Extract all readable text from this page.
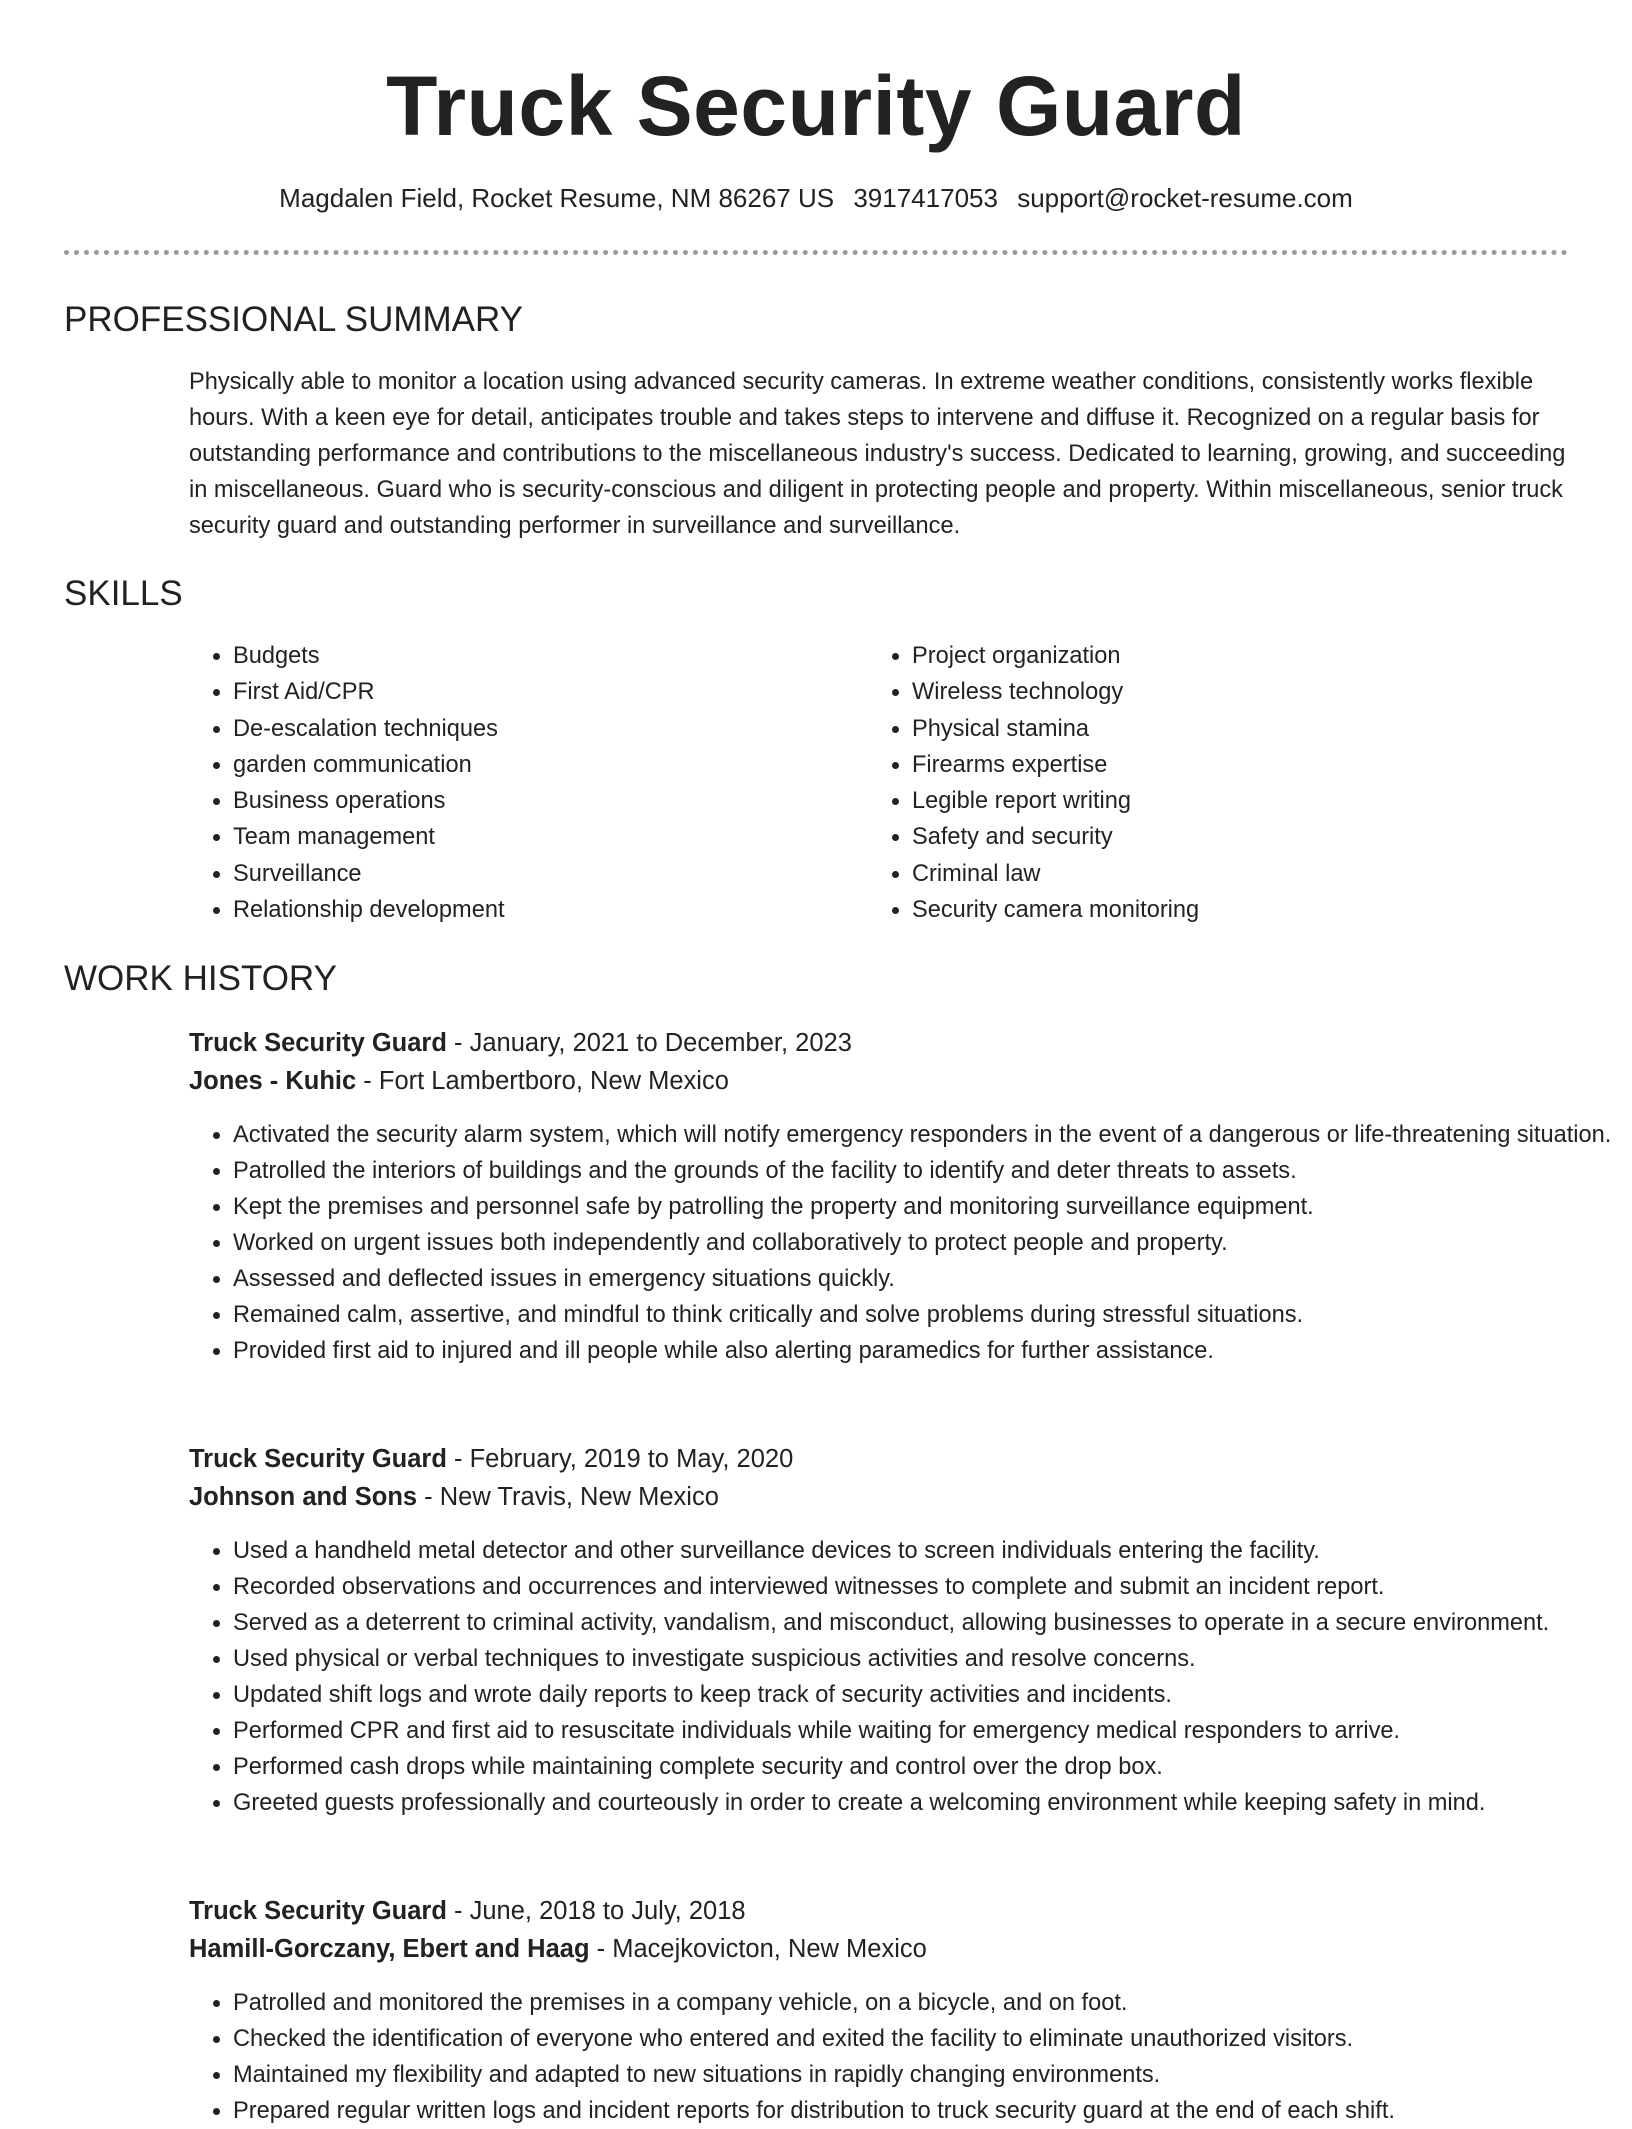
Truck Security Guard
Magdalen Field, Rocket Resume, NM 86267 US 3917417053 support@rocket-resume.com
PROFESSIONAL SUMMARY
Physically able to monitor a location using advanced security cameras. In extreme weather conditions, consistently works flexible hours. With a keen eye for detail, anticipates trouble and takes steps to intervene and diffuse it. Recognized on a regular basis for outstanding performance and contributions to the miscellaneous industry's success. Dedicated to learning, growing, and succeeding in miscellaneous. Guard who is security-conscious and diligent in protecting people and property. Within miscellaneous, senior truck security guard and outstanding performer in surveillance and surveillance.
SKILLS
• Budgets
• First Aid/CPR
• De-escalation techniques
• garden communication
• Business operations
• Team management
• Surveillance
• Relationship development
• Project organization
• Wireless technology
• Physical stamina
• Firearms expertise
• Legible report writing
• Safety and security
• Criminal law
• Security camera monitoring
WORK HISTORY
Truck Security Guard - January, 2021 to December, 2023
Jones - Kuhic - Fort Lambertboro, New Mexico
• Activated the security alarm system, which will notify emergency responders in the event of a dangerous or life-threatening situation.
• Patrolled the interiors of buildings and the grounds of the facility to identify and deter threats to assets.
• Kept the premises and personnel safe by patrolling the property and monitoring surveillance equipment.
• Worked on urgent issues both independently and collaboratively to protect people and property.
• Assessed and deflected issues in emergency situations quickly.
• Remained calm, assertive, and mindful to think critically and solve problems during stressful situations.
• Provided first aid to injured and ill people while also alerting paramedics for further assistance.
Truck Security Guard - February, 2019 to May, 2020
Johnson and Sons - New Travis, New Mexico
• Used a handheld metal detector and other surveillance devices to screen individuals entering the facility.
• Recorded observations and occurrences and interviewed witnesses to complete and submit an incident report.
• Served as a deterrent to criminal activity, vandalism, and misconduct, allowing businesses to operate in a secure environment.
• Used physical or verbal techniques to investigate suspicious activities and resolve concerns.
• Updated shift logs and wrote daily reports to keep track of security activities and incidents.
• Performed CPR and first aid to resuscitate individuals while waiting for emergency medical responders to arrive.
• Performed cash drops while maintaining complete security and control over the drop box.
• Greeted guests professionally and courteously in order to create a welcoming environment while keeping safety in mind.
Truck Security Guard - June, 2018 to July, 2018
Hamill-Gorczany, Ebert and Haag - Macejkovicton, New Mexico
• Patrolled and monitored the premises in a company vehicle, on a bicycle, and on foot.
• Checked the identification of everyone who entered and exited the facility to eliminate unauthorized visitors.
• Maintained my flexibility and adapted to new situations in rapidly changing environments.
• Prepared regular written logs and incident reports for distribution to truck security guard at the end of each shift.
